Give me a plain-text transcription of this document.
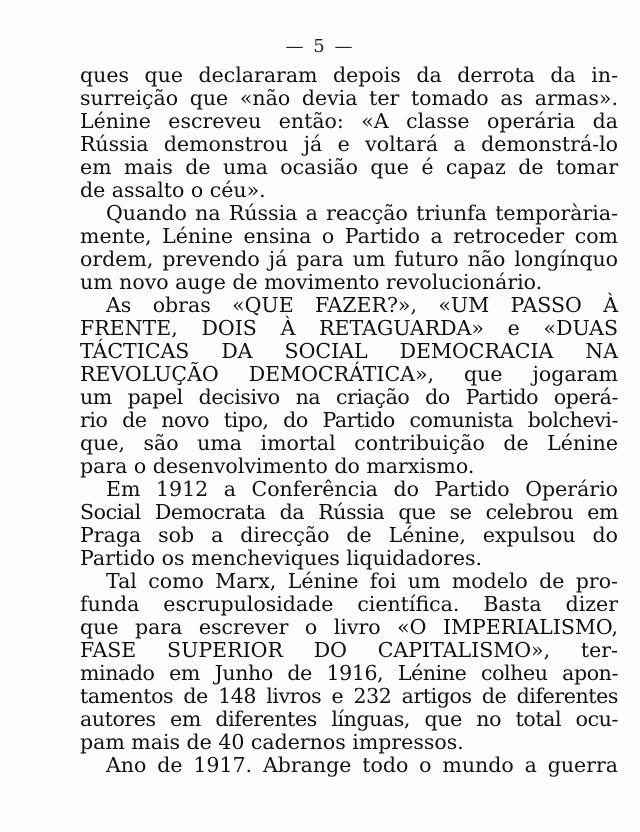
— 5 —
ques que declararam depois da derrota da in-
surreição que «não devia ter tomado as armas».
Lénine escreveu então: «A classe operária da
Rússia demonstrou já e voltará a demonstrá-lo
em mais de uma ocasião que é capaz de tomar
de assalto o céu».
Quando na Rússia a reacção triunfa temporària-
mente, Lénine ensina o Partido a retroceder com
ordem, prevendo já para um futuro não longínquo
um novo auge de movimento revolucionário.
As obras «QUE FAZER?», «UM PASSO À
FRENTE, DOIS À RETAGUARDA» e «DUAS
TÁCTICAS DA SOCIAL DEMOCRACIA NA
REVOLUÇÃO DEMOCRÁTICA», que jogaram
um papel decisivo na criação do Partido operá-
rio de novo tipo, do Partido comunista bolchevi-
que, são uma imortal contribuição de Lénine
para o desenvolvimento do marxismo.
Em 1912 a Conferência do Partido Operário
Social Democrata da Rússia que se celebrou em
Praga sob a direcção de Lénine, expulsou do
Partido os mencheviques liquidadores.
Tal como Marx, Lénine foi um modelo de pro-
funda escrupulosidade científica. Basta dizer
que para escrever o livro «O IMPERIALISMO,
FASE SUPERIOR DO CAPITALISMO», ter-
minado em Junho de 1916, Lénine colheu apon-
tamentos de 148 livros e 232 artigos de diferentes
autores em diferentes línguas, que no total ocu-
pam mais de 40 cadernos impressos.
Ano de 1917. Abrange todo o mundo a guerra
